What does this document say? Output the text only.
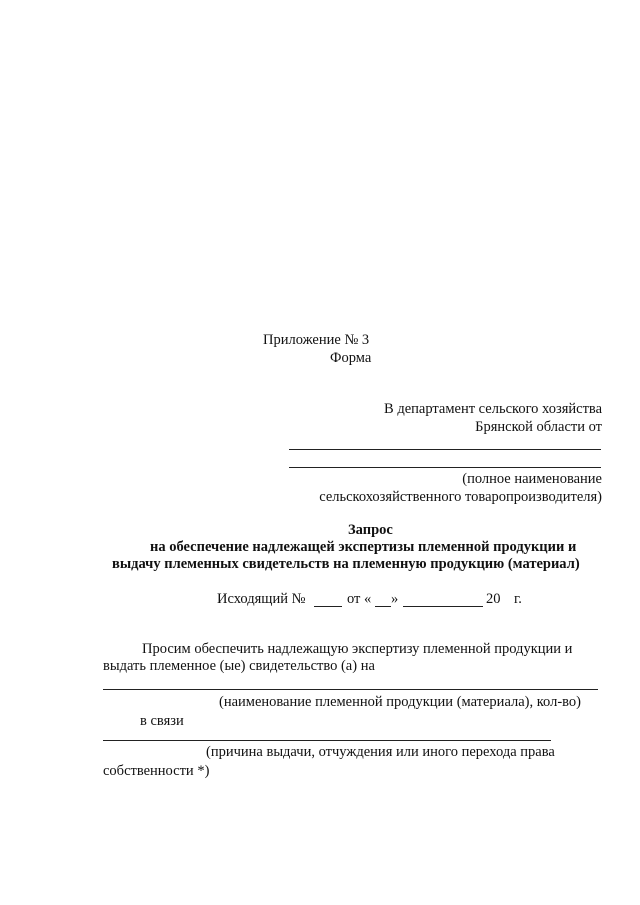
Приложение № 3
Форма
В департамент сельского хозяйства
Брянской области от
(полное наименование
сельскохозяйственного товаропроизводителя)
Запрос
на обеспечение надлежащей экспертизы племенной продукции и
выдачу племенных свидетельств на племенную продукцию (материал)
Исходящий №	от « »	20 г.
Просим обеспечить надлежащую экспертизу племенной продукции и
выдать племенное (ые) свидетельство (а) на
(наименование племенной продукции (материала), кол-во)
в связи
(причина выдачи, отчуждения или иного перехода права
собственности *)
